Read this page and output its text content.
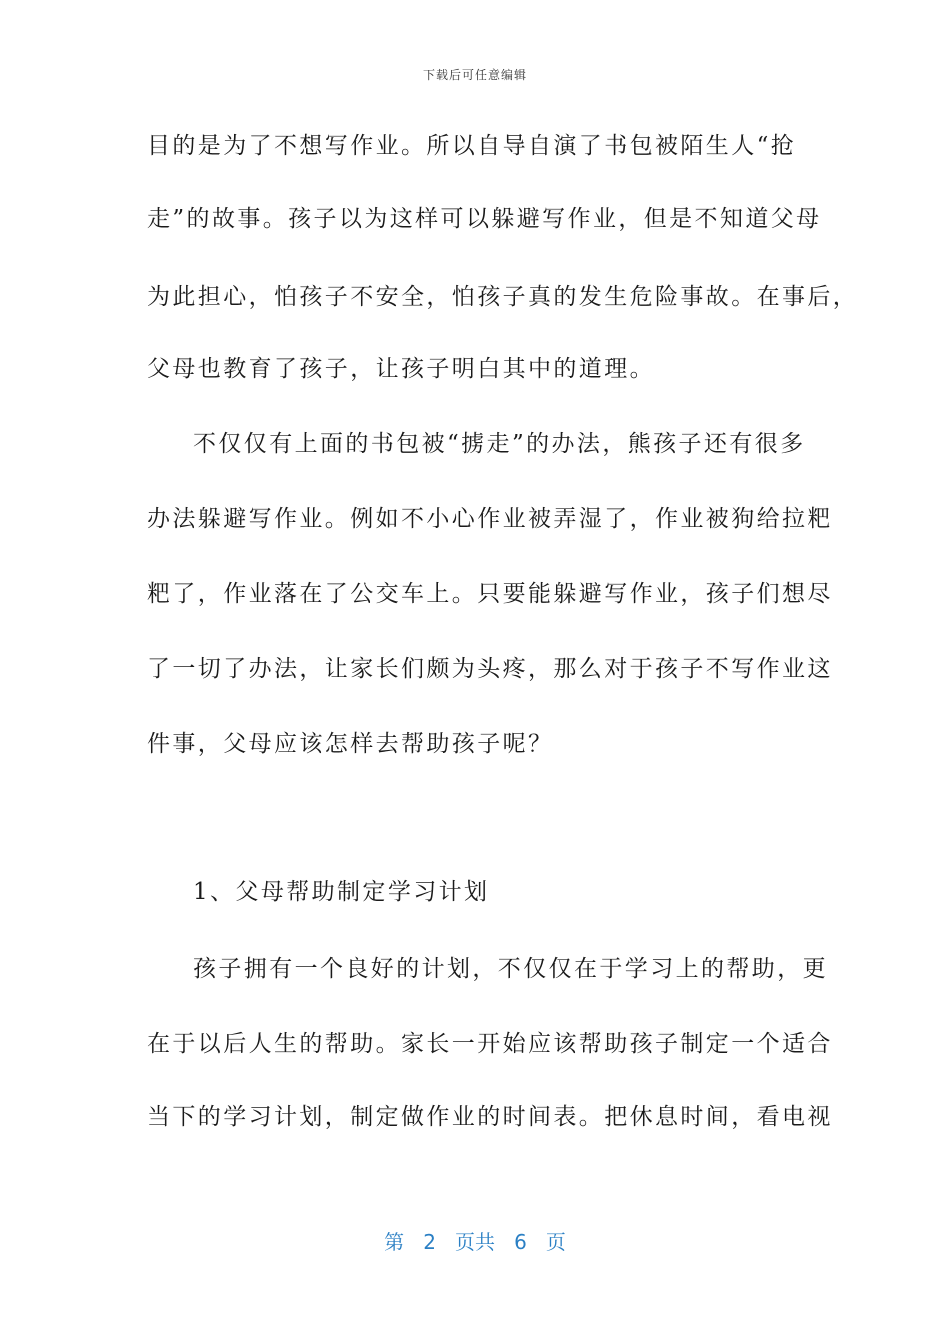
下载后可任意编辑
目的是为了不想写作业。所以自导自演了书包被陌生人“抢
走”的故事。孩子以为这样可以躲避写作业，但是不知道父母
为此担心，怕孩子不安全，怕孩子真的发生危险事故。在事后，
父母也教育了孩子，让孩子明白其中的道理。
不仅仅有上面的书包被“掳走”的办法，熊孩子还有很多
办法躲避写作业。例如不小心作业被弄湿了，作业被狗给拉粑
粑了，作业落在了公交车上。只要能躲避写作业，孩子们想尽
了一切了办法，让家长们颇为头疼，那么对于孩子不写作业这
件事，父母应该怎样去帮助孩子呢？
1、父母帮助制定学习计划
孩子拥有一个良好的计划，不仅仅在于学习上的帮助，更
在于以后人生的帮助。家长一开始应该帮助孩子制定一个适合
当下的学习计划，制定做作业的时间表。把休息时间，看电视
第 2 页共 6 页
